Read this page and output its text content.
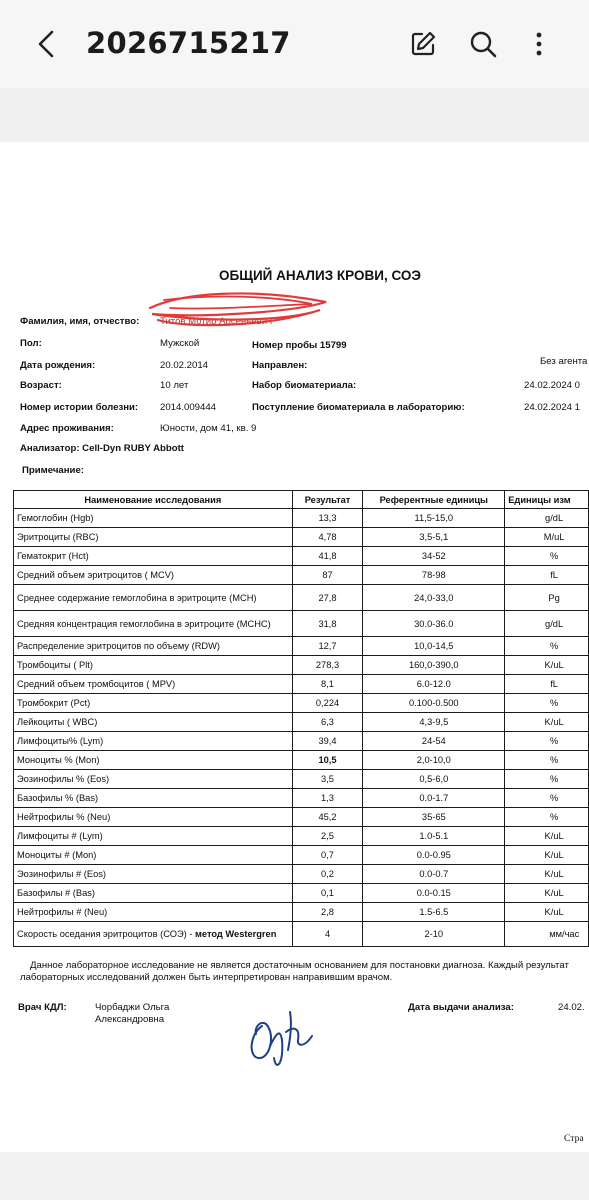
2026715217
ОБЩИЙ АНАЛИЗ КРОВИ, СОЭ
Фамилия, имя, отчество: Титов Мотир Арсеньевич
Пол:	Мужской	Номер пробы 15799
Дата рождения:	20.02.2014	Направлен:	Без агента
Возраст:	10 лет	Набор биоматериала:	24.02.2024 0
Номер истории болезни: 2014.009444	Поступление биоматериала в лабораторию:	24.02.2024 1
Адрес проживания:	Юности, дом 41, кв. 9
Анализатор: Cell-Dyn RUBY Abbott
Примечание:
Наименование исследования	Результат	Референтные единицы	Единицы изм
Гемоглобин (Hgb)	13,3	11,5-15,0	g/dL
Эритроциты (RBC)	4,78	3,5-5,1	M/uL
Гематокрит (Hct)	41,8	34-52	%
Средний объем эритроцитов ( MCV)	87	78-98	fL
Среднее содержание гемоглобина в эритроците (MCH)	27,8	24,0-33,0	Pg
Средняя концентрация гемоглобина в эритроците (MCHC)	31,8	30.0-36.0	g/dL
Распределение эритроцитов по объему (RDW)	12,7	10,0-14,5	%
Тромбоциты ( Plt)	278,3	160,0-390,0	K/uL
Средний объем тромбоцитов ( MPV)	8,1	6.0-12.0	fL
Тромбокрит (Pct)	0,224	0.100-0.500	%
Лейкоциты ( WBC)	6,3	4,3-9,5	K/uL
Лимфоциты% (Lym)	39,4	24-54	%
Моноциты % (Mon)	10,5	2,0-10,0	%
Эозинофилы % (Eos)	3,5	0,5-6,0	%
Базофилы % (Bas)	1,3	0.0-1.7	%
Нейтрофилы % (Neu)	45,2	35-65	%
Лимфоциты # (Lym)	2,5	1.0-5.1	K/uL
Моноциты # (Mon)	0,7	0.0-0.95	K/uL
Эозинофилы # (Eos)	0,2	0.0-0.7	K/uL
Базофилы # (Bas)	0,1	0.0-0.15	K/uL
Нейтрофилы # (Neu)	2,8	1.5-6.5	K/uL
Скорость оседания эритроцитов (СОЭ) - метод Westergren	4	2-10	мм/час
Данное лабораторное исследование не является достаточным основанием для постановки диагноза. Каждый результат лабораторных исследований должен быть интерпретирован направившим врачом.
Врач КДЛ:	Чорбаджи Ольга
Александровна
Дата выдачи анализа:	24.02.
Стра
